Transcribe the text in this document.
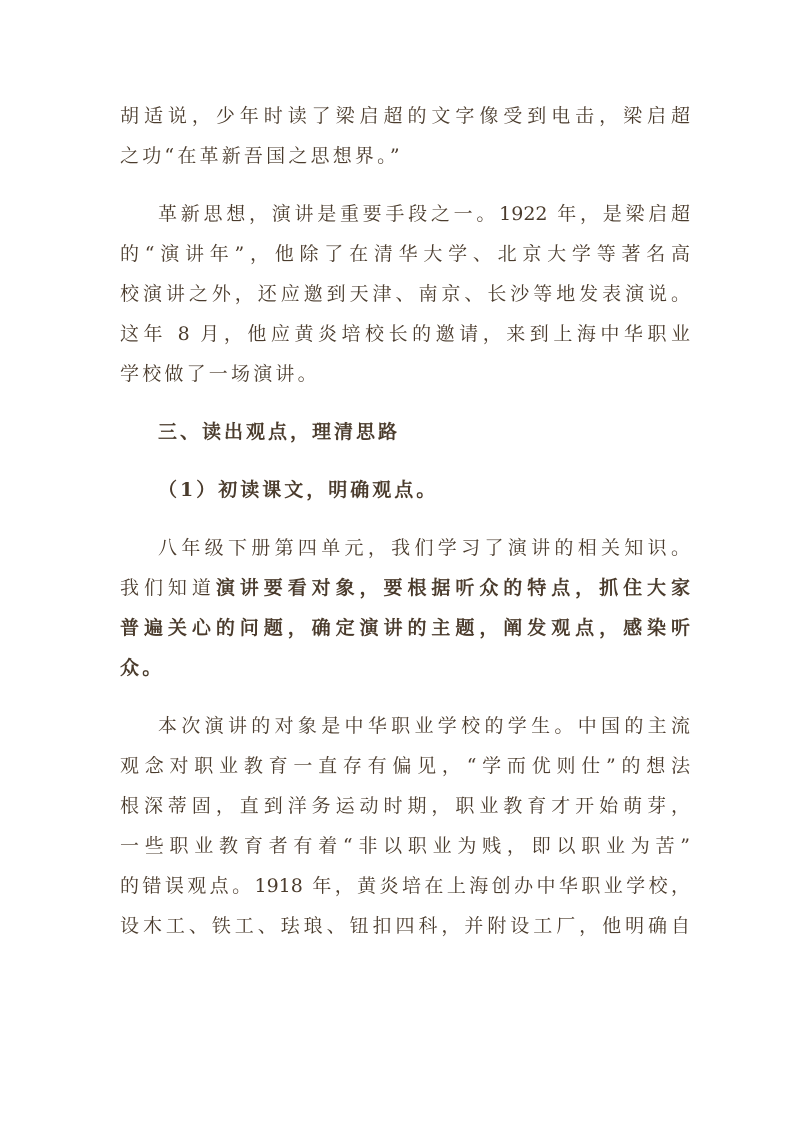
胡适说，少年时读了梁启超的文字像受到电击，梁启超
之功“在革新吾国之思想界。”
革新思想，演讲是重要手段之一。1922 年，是梁启超
的“演讲年”，他除了在清华大学、北京大学等著名高
校演讲之外，还应邀到天津、南京、长沙等地发表演说。
这年 8 月，他应黄炎培校长的邀请，来到上海中华职业
学校做了一场演讲。
三、读出观点，理清思路
（1）初读课文，明确观点。
八年级下册第四单元，我们学习了演讲的相关知识。
我们知道演讲要看对象，要根据听众的特点，抓住大家
普遍关心的问题，确定演讲的主题，阐发观点，感染听
众。
本次演讲的对象是中华职业学校的学生。中国的主流
观念对职业教育一直存有偏见，“学而优则仕”的想法
根深蒂固，直到洋务运动时期，职业教育才开始萌芽，
一些职业教育者有着“非以职业为贱，即以职业为苦”
的错误观点。1918 年，黄炎培在上海创办中华职业学校，
设木工、铁工、珐琅、钮扣四科，并附设工厂，他明确自
